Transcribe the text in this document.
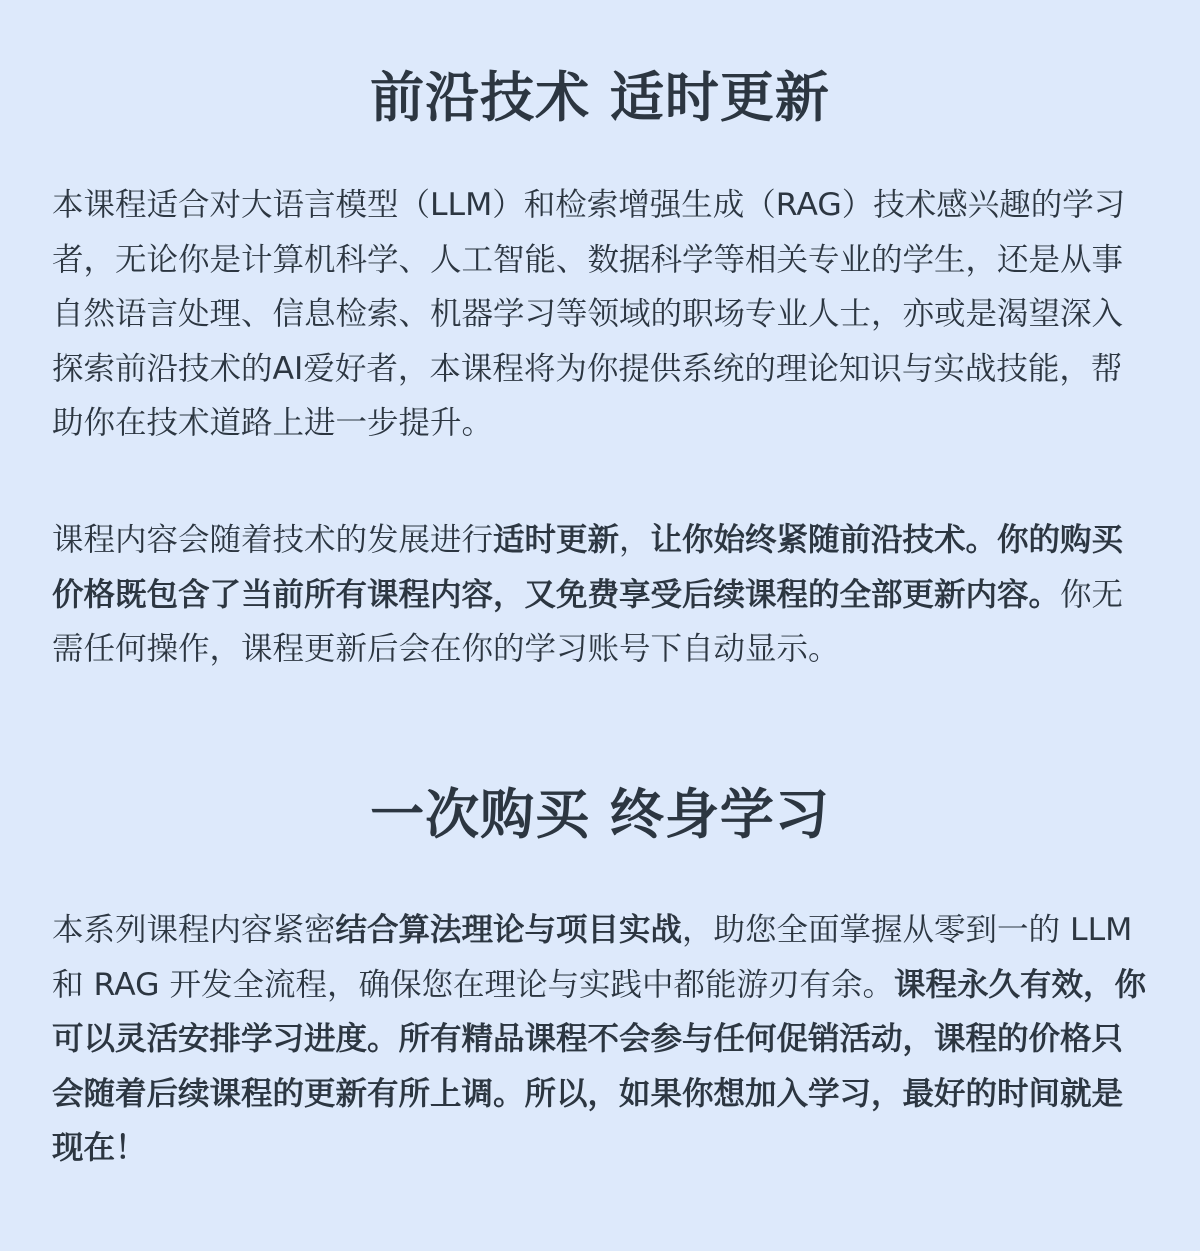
前沿技术 适时更新

本课程适合对大语言模型（LLM）和检索增强生成（RAG）技术感兴趣的学习者，无论你是计算机科学、人工智能、数据科学等相关专业的学生，还是从事自然语言处理、信息检索、机器学习等领域的职场专业人士，亦或是渴望深入探索前沿技术的AI爱好者，本课程将为你提供系统的理论知识与实战技能，帮助你在技术道路上进一步提升。

课程内容会随着技术的发展进行适时更新，让你始终紧随前沿技术。你的购买价格既包含了当前所有课程内容，又免费享受后续课程的全部更新内容。你无需任何操作，课程更新后会在你的学习账号下自动显示。

一次购买 终身学习

本系列课程内容紧密结合算法理论与项目实战，助您全面掌握从零到一的 LLM 和 RAG 开发全流程，确保您在理论与实践中都能游刃有余。课程永久有效，你可以灵活安排学习进度。所有精品课程不会参与任何促销活动，课程的价格只会随着后续课程的更新有所上调。所以，如果你想加入学习，最好的时间就是现在！
